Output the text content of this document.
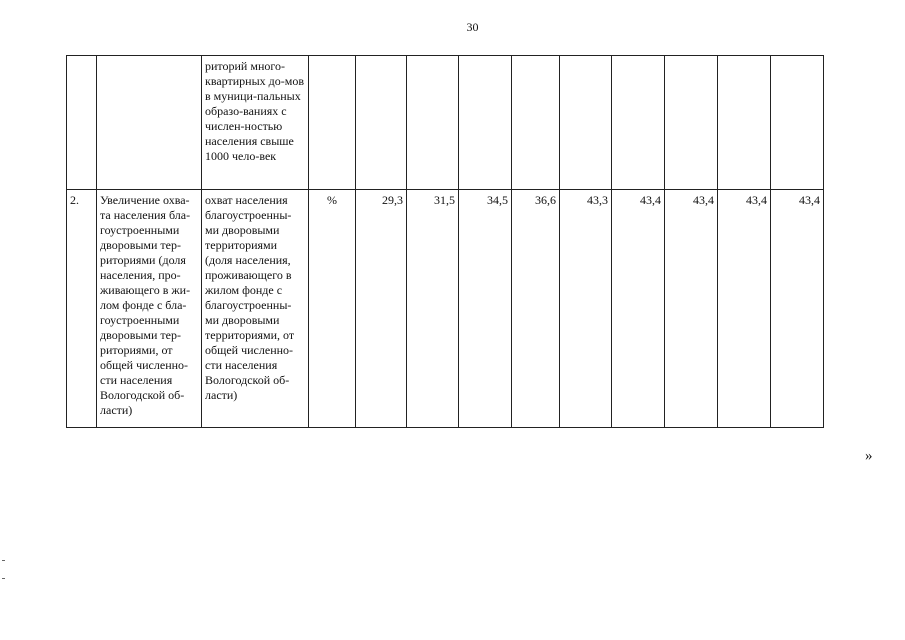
30
		риторий много-квартирных до-мов в муници-пальных образо-ваниях с числен-ностью населения свыше 1000 чело-век										
2.	Увеличение охва-та населения бла-гоустроенными дворовыми тер-риториями (доля населения, про-живающего в жи-лом фонде с бла-гоустроенными дворовыми тер-риториями, от общей численно-сти населения Вологодской об-ласти)	охват населения благоустроенны-ми дворовыми территориями (доля населения, проживающего в жилом фонде с благоустроенны-ми дворовыми территориями, от общей численно-сти населения Вологодской об-ласти)	%	29,3	31,5	34,5	36,6	43,3	43,4	43,4	43,4	43,4
»
